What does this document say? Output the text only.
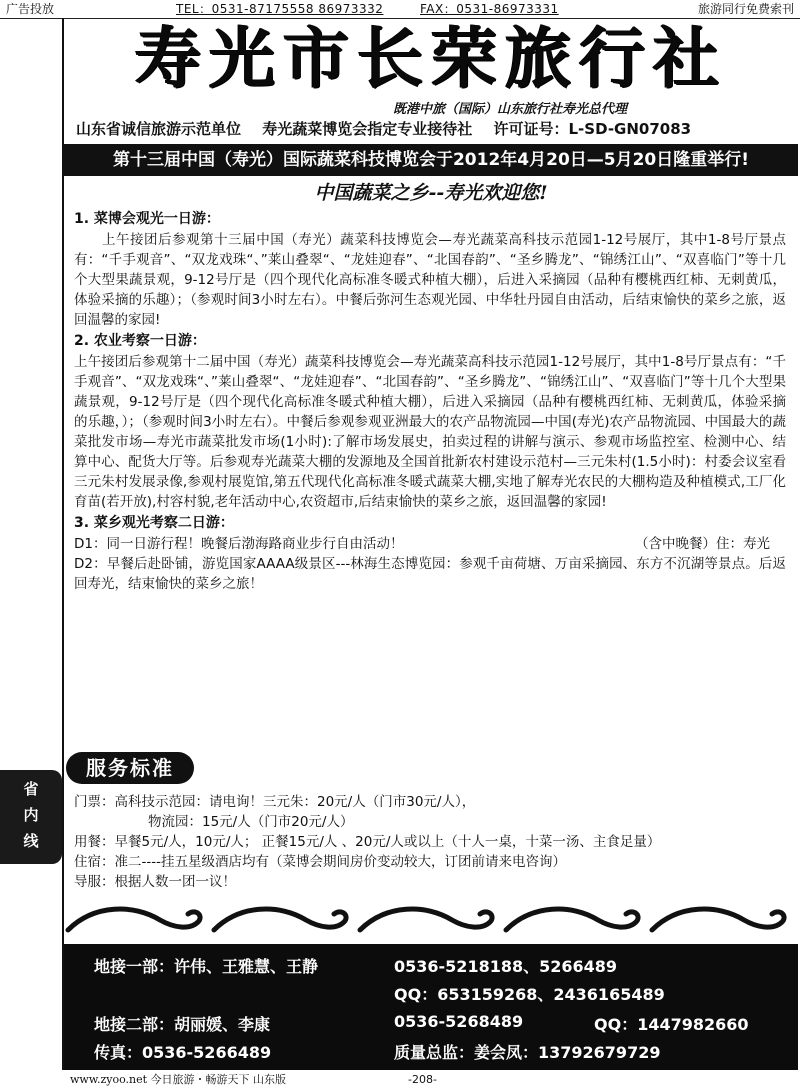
广告投放	TEL：0531-87175558 86973332	FAX：0531-86973331	旅游同行免费索刊
寿光市长荣旅行社
既港中旅（国际）山东旅行社寿光总代理
山东省诚信旅游示范单位 寿光蔬菜博览会指定专业接待社 许可证号：L-SD-GN07083
第十三届中国（寿光）国际蔬菜科技博览会于2012年4月20日—5月20日隆重举行!
中国蔬菜之乡--寿光欢迎您!
1. 菜博会观光一日游：

上午接团后参观第十三届中国（寿光）蔬菜科技博览会—寿光蔬菜高科技示范园1-12号展厅，其中1-8号厅景点有：“千手观音”、“双龙戏珠“、”莱山叠翠“、“龙娃迎春”、“北国春韵”、“圣乡腾龙”、“锦绣江山”、“双喜临门”等十几个大型果蔬景观，9-12号厅是（四个现代化高标准冬暖式种植大棚），后进入采摘园（品种有樱桃西红柿、无刺黄瓜，体验采摘的乐趣）；（参观时间3小时左右）。中餐后弥河生态观光园、中华牡丹园自由活动，后结束愉快的菜乡之旅，返回温馨的家园!

2. 农业考察一日游：

上午接团后参观第十二届中国（寿光）蔬菜科技博览会—寿光蔬菜高科技示范园1-12号展厅，其中1-8号厅景点有：“千手观音”、“双龙戏珠“、”莱山叠翠“、“龙娃迎春”、“北国春韵”、“圣乡腾龙”、“锦绣江山”、“双喜临门”等十几个大型果蔬景观，9-12号厅是（四个现代化高标准冬暖式种植大棚），后进入采摘园（品种有樱桃西红柿、无刺黄瓜，体验采摘的乐趣，）；（参观时间3小时左右）。中餐后参观参观亚洲最大的农产品物流园—中国(寿光)农产品物流园、中国最大的蔬菜批发市场—寿光市蔬菜批发市场(1小时):了解市场发展史，拍卖过程的讲解与演示、参观市场监控室、检测中心、结算中心、配货大厅等。后参观寿光蔬菜大棚的发源地及全国首批新农村建设示范村—三元朱村(1.5小时)：村委会议室看三元朱村发展录像,参观村展览馆,第五代现代化高标准冬暖式蔬菜大棚,实地了解寿光农民的大棚构造及种植模式,工厂化育苗(若开放),村容村貌,老年活动中心,农资超市,后结束愉快的菜乡之旅，返回温馨的家园!

3. 菜乡观光考察二日游：

D1：同一日游行程！晚餐后渤海路商业步行自由活动！	（含中晚餐）住：寿光

D2：早餐后赴卧铺，游览国家AAAA级景区---林海生态博览园：参观千亩荷塘、万亩采摘园、东方不沉湖等景点。后返回寿光，结束愉快的菜乡之旅！

服务标准

门票：高科技示范园：请电询！三元朱：20元/人（门市30元/人），

物流园：15元/人（门市20元/人）

用餐：早餐5元/人，10元/人； 正餐15元/人 、20元/人或以上（十人一桌，十菜一汤、主食足量）

住宿：准二----挂五星级酒店均有（菜博会期间房价变动较大，订团前请来电咨询）

导服：根据人数一团一议！

省
内
线
地接一部：许伟、王雅慧、王静	0536-5218188、5266489
QQ：653159268、2436165489
地接二部：胡丽媛、李康	0536-5268489	QQ：1447982660
传真：0536-5266489	质量总监：姜会凤：13792679729
www.zyoo.net 今日旅游・畅游天下 山东版	-208-
